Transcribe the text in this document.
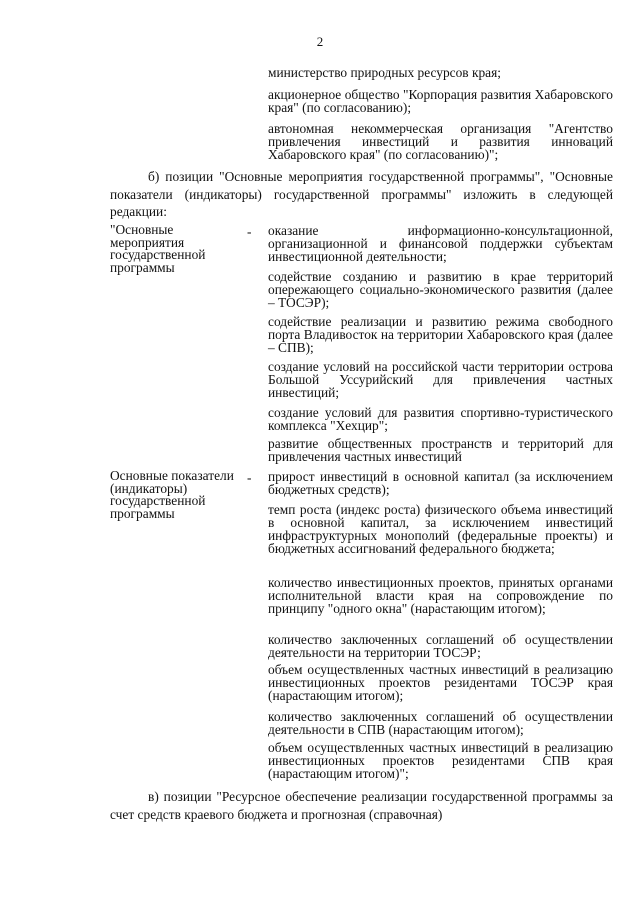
2
министерство природных ресурсов края;
акционерное общество "Корпорация развития Хабаровского края" (по согласованию);
автономная некоммерческая организация "Агентство привлечения инвестиций и развития инноваций Хабаровского края" (по согласованию)";
б) позиции "Основные мероприятия государственной программы", "Основные показатели (индикаторы) государственной программы" изложить в следующей редакции:
"Основные мероприятия государственной программы
- оказание информационно-консультационной, организационной и финансовой поддержки субъектам инвестиционной деятельности;
содействие созданию и развитию в крае территорий опережающего социально-экономического развития (далее – ТОСЭР);
содействие реализации и развитию режима свободного порта Владивосток на территории Хабаровского края (далее – СПВ);
создание условий на российской части территории острова Большой Уссурийский для привлечения частных инвестиций;
создание условий для развития спортивно-туристического комплекса "Хехцир";
развитие общественных пространств и территорий для привлечения частных инвестиций
Основные показатели (индикаторы) государственной программы
- прирост инвестиций в основной капитал (за исключением бюджетных средств);
темп роста (индекс роста) физического объема инвестиций в основной капитал, за исключением инвестиций инфраструктурных монополий (федеральные проекты) и бюджетных ассигнований федерального бюджета;
количество инвестиционных проектов, принятых органами исполнительной власти края на сопровождение по принципу "одного окна" (нарастающим итогом);
количество заключенных соглашений об осуществлении деятельности на территории ТОСЭР;
объем осуществленных частных инвестиций в реализацию инвестиционных проектов резидентами ТОСЭР края (нарастающим итогом);
количество заключенных соглашений об осуществлении деятельности в СПВ (нарастающим итогом);
объем осуществленных частных инвестиций в реализацию инвестиционных проектов резидентами СПВ края (нарастающим итогом)";
в) позиции "Ресурсное обеспечение реализации государственной программы за счет средств краевого бюджета и прогнозная (справочная)
